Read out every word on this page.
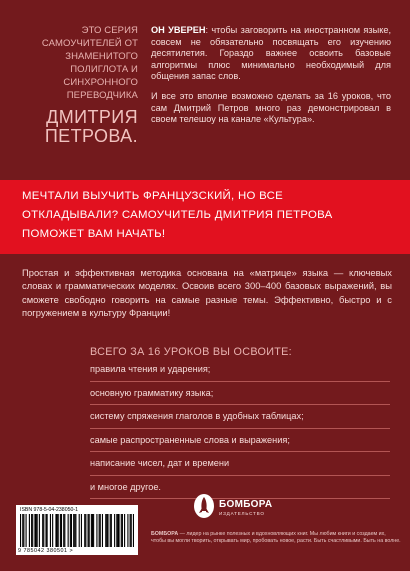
ЭТО СЕРИЯ САМОУЧИТЕЛЕЙ ОТ ЗНАМЕНИТОГО ПОЛИГЛОТА И СИНХРОННОГО ПЕРЕВОДЧИКА
ДМИТРИЯ
ПЕТРОВА.

ОН УВЕРЕН: чтобы заговорить на иностранном языке, совсем не обязательно посвящать его изучению десятилетия. Гораздо важнее освоить базовые алгоритмы плюс минимально необходимый для общения запас слов.

И все это вполне возможно сделать за 16 уроков, что сам Дмитрий Петров много раз демонстрировал в своем телешоу на канале «Культура».

МЕЧТАЛИ ВЫУЧИТЬ ФРАНЦУЗСКИЙ, НО ВСЕ ОТКЛАДЫВАЛИ? САМОУЧИТЕЛЬ ДМИТРИЯ ПЕТРОВА ПОМОЖЕТ ВАМ НАЧАТЬ!
Простая и эффективная методика основана на «матрице» языка — ключевых словах и грамматических моделях. Освоив всего 300–400 базовых выражений, вы сможете свободно говорить на самые разные темы. Эффективно, быстро и с погружением в культуру Франции!
ВСЕГО ЗА 16 УРОКОВ ВЫ ОСВОИТЕ:
правила чтения и ударения;
основную грамматику языка;
систему спряжения глаголов в удобных таблицах;
самые распространенные слова и выражения;
написание чисел, дат и времени
и многое другое.
ISBN 978-5-04-238050-1
9 785042 380501 >
БОМБОРА
ИЗДАТЕЛЬСТВО
БОМБОРА — лидер на рынке полезных и вдохновляющих книг. Мы любим книги и создаем их, чтобы вы могли творить, открывать мир, пробовать новое, расти. Быть счастливыми. Быть на волне.
